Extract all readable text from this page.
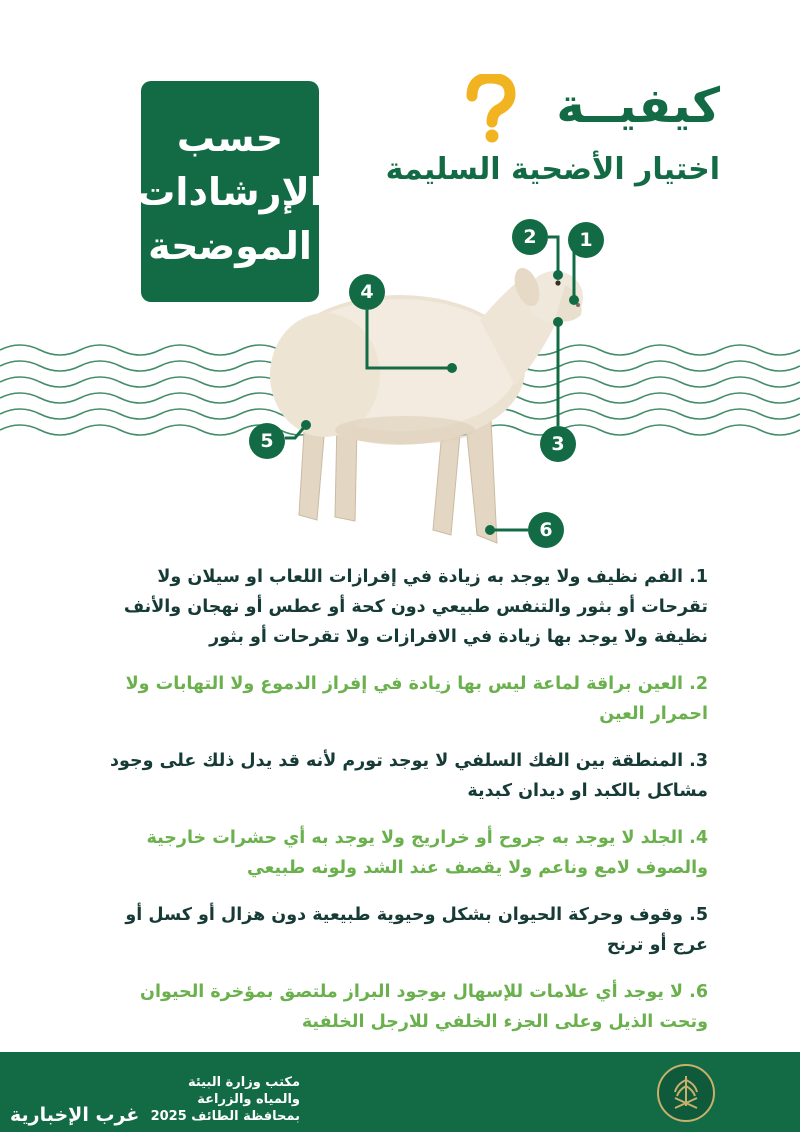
حسب
الإرشادات
الموضحة
كيفيــة
اختيار الأضحية السليمة
1
2
3
4
5
6
1. الفم نظيف ولا يوجد به زيادة في إفرازات اللعاب او سيلان ولا تقرحات أو بثور والتنفس طبيعي دون كحة أو عطس أو نهجان والأنف نظيفة ولا يوجد بها زيادة في الافرازات ولا تقرحات أو بثور
2. العين براقة لماعة ليس بها زيادة في إفراز الدموع ولا التهابات ولا احمرار العين
3. المنطقة بين الفك السلفي لا يوجد تورم لأنه قد يدل ذلك على وجود مشاكل بالكبد او ديدان كبدية
4. الجلد لا يوجد به جروح أو خراريج ولا يوجد به أي حشرات خارجية والصوف لامع وناعم ولا يقصف عند الشد ولونه طبيعي
5. وقوف وحركة الحيوان بشكل وحيوية طبيعية دون هزال أو كسل أو عرج أو ترنح
6. لا يوجد أي علامات للإسهال بوجود البراز ملتصق بمؤخرة الحيوان وتحت الذيل وعلى الجزء الخلفي للارجل الخلفية
مكتب وزارة البيئة والمياه والزراعة
بمحافظة الطائف 2025
غرب الإخبارية
